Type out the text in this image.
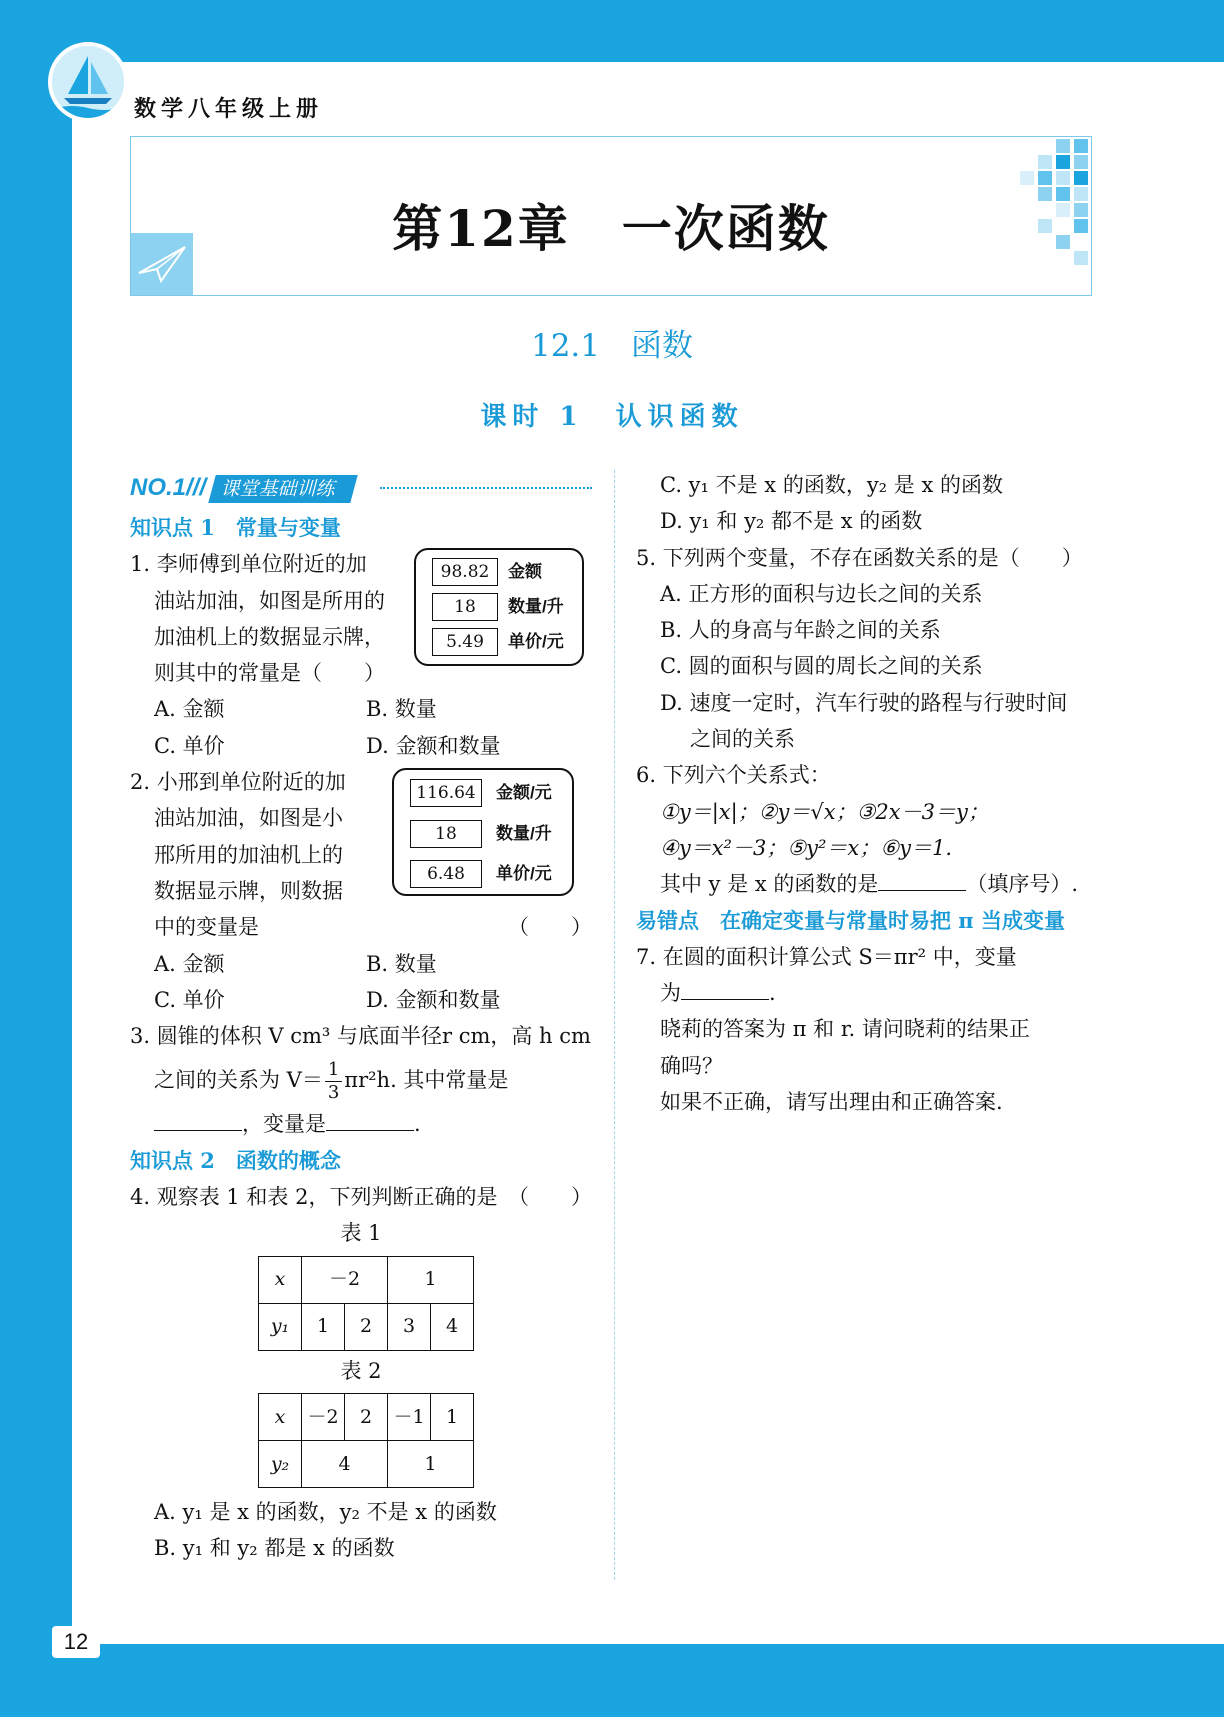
数学八年级上册
第12章　一次函数
12.1　函数
课时 1　认识函数
NO.1/// 课堂基础训练
知识点 1　常量与变量
1. 李师傅到单位附近的加
油站加油，如图是所用的
加油机上的数据显示牌，
则其中的常量是（　　）
A. 金额	B. 数量
C. 单价	D. 金额和数量
98.82	金额
18	数量/升
5.49	单价/元
2. 小邢到单位附近的加
油站加油，如图是小
邢所用的加油机上的
数据显示牌，则数据
中的变量是	（　　）
A. 金额	B. 数量
C. 单价	D. 金额和数量
116.64	金额/元
18	数量/升
6.48	单价/元
3. 圆锥的体积 V cm³ 与底面半径r cm，高 h cm
之间的关系为 $V= \frac{1}{3} \pi r^2h$. 其中常量是
，变量是	.
知识点 2　函数的概念
4. 观察表 1 和表 2，下列判断正确的是 （　　）
表 1
x	－2		1	
y₁	1	2	3	4
表 2
x	－2	2	－1	1
y₂	4		1	
A. y₁ 是 x 的函数，y₂ 不是 x 的函数
B. y₁ 和 y₂ 都是 x 的函数
C. y₁ 不是 x 的函数，y₂ 是 x 的函数
D. y₁ 和 y₂ 都不是 x 的函数
5. 下列两个变量，不存在函数关系的是（　　）
A. 正方形的面积与边长之间的关系
B. 人的身高与年龄之间的关系
C. 圆的面积与圆的周长之间的关系
D. 速度一定时，汽车行驶的路程与行驶时间
之间的关系
6. 下列六个关系式：
①y＝|x|；②y＝√x；③2x－3＝y；
④y＝x²－3；⑤y²＝x；⑥y＝1.
其中 y 是 x 的函数的是	（填序号）.
易错点　在确定变量与常量时易把 π 当成变量
7. 在圆的面积计算公式 S＝πr² 中，变量
为	.
晓莉的答案为 π 和 r. 请问晓莉的结果正
确吗？
如果不正确，请写出理由和正确答案.
12
